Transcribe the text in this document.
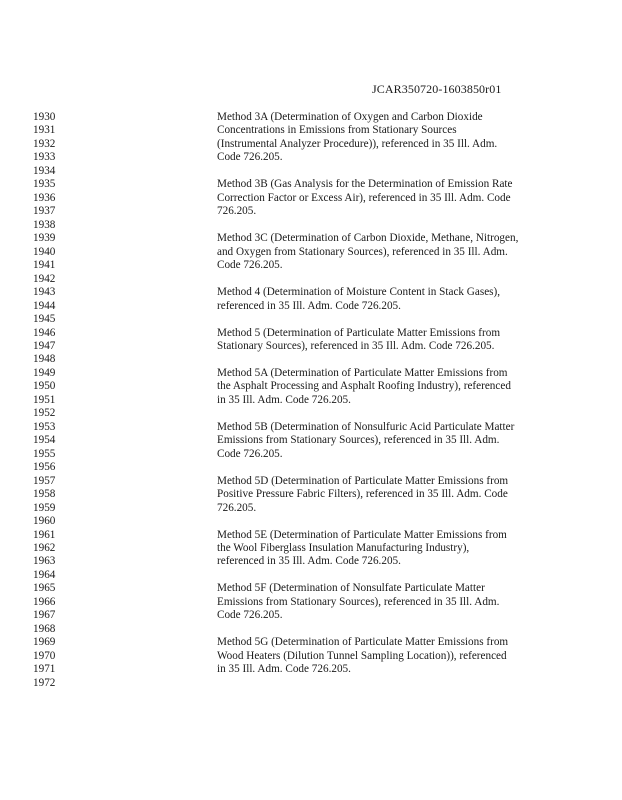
JCAR350720-1603850r01
1930
1931
1932
1933
1934
1935
1936
1937
1938
1939
1940
1941
1942
1943
1944
1945
1946
1947
1948
1949
1950
1951
1952
1953
1954
1955
1956
1957
1958
1959
1960
1961
1962
1963
1964
1965
1966
1967
1968
1969
1970
1971
1972
Method 3A (Determination of Oxygen and Carbon Dioxide
Concentrations in Emissions from Stationary Sources
(Instrumental Analyzer Procedure)), referenced in 35 Ill. Adm.
Code 726.205.
Method 3B (Gas Analysis for the Determination of Emission Rate
Correction Factor or Excess Air), referenced in 35 Ill. Adm. Code
726.205.
Method 3C (Determination of Carbon Dioxide, Methane, Nitrogen,
and Oxygen from Stationary Sources), referenced in 35 Ill. Adm.
Code 726.205.
Method 4 (Determination of Moisture Content in Stack Gases),
referenced in 35 Ill. Adm. Code 726.205.
Method 5 (Determination of Particulate Matter Emissions from
Stationary Sources), referenced in 35 Ill. Adm. Code 726.205.
Method 5A (Determination of Particulate Matter Emissions from
the Asphalt Processing and Asphalt Roofing Industry), referenced
in 35 Ill. Adm. Code 726.205.
Method 5B (Determination of Nonsulfuric Acid Particulate Matter
Emissions from Stationary Sources), referenced in 35 Ill. Adm.
Code 726.205.
Method 5D (Determination of Particulate Matter Emissions from
Positive Pressure Fabric Filters), referenced in 35 Ill. Adm. Code
726.205.
Method 5E (Determination of Particulate Matter Emissions from
the Wool Fiberglass Insulation Manufacturing Industry),
referenced in 35 Ill. Adm. Code 726.205.
Method 5F (Determination of Nonsulfate Particulate Matter
Emissions from Stationary Sources), referenced in 35 Ill. Adm.
Code 726.205.
Method 5G (Determination of Particulate Matter Emissions from
Wood Heaters (Dilution Tunnel Sampling Location)), referenced
in 35 Ill. Adm. Code 726.205.
